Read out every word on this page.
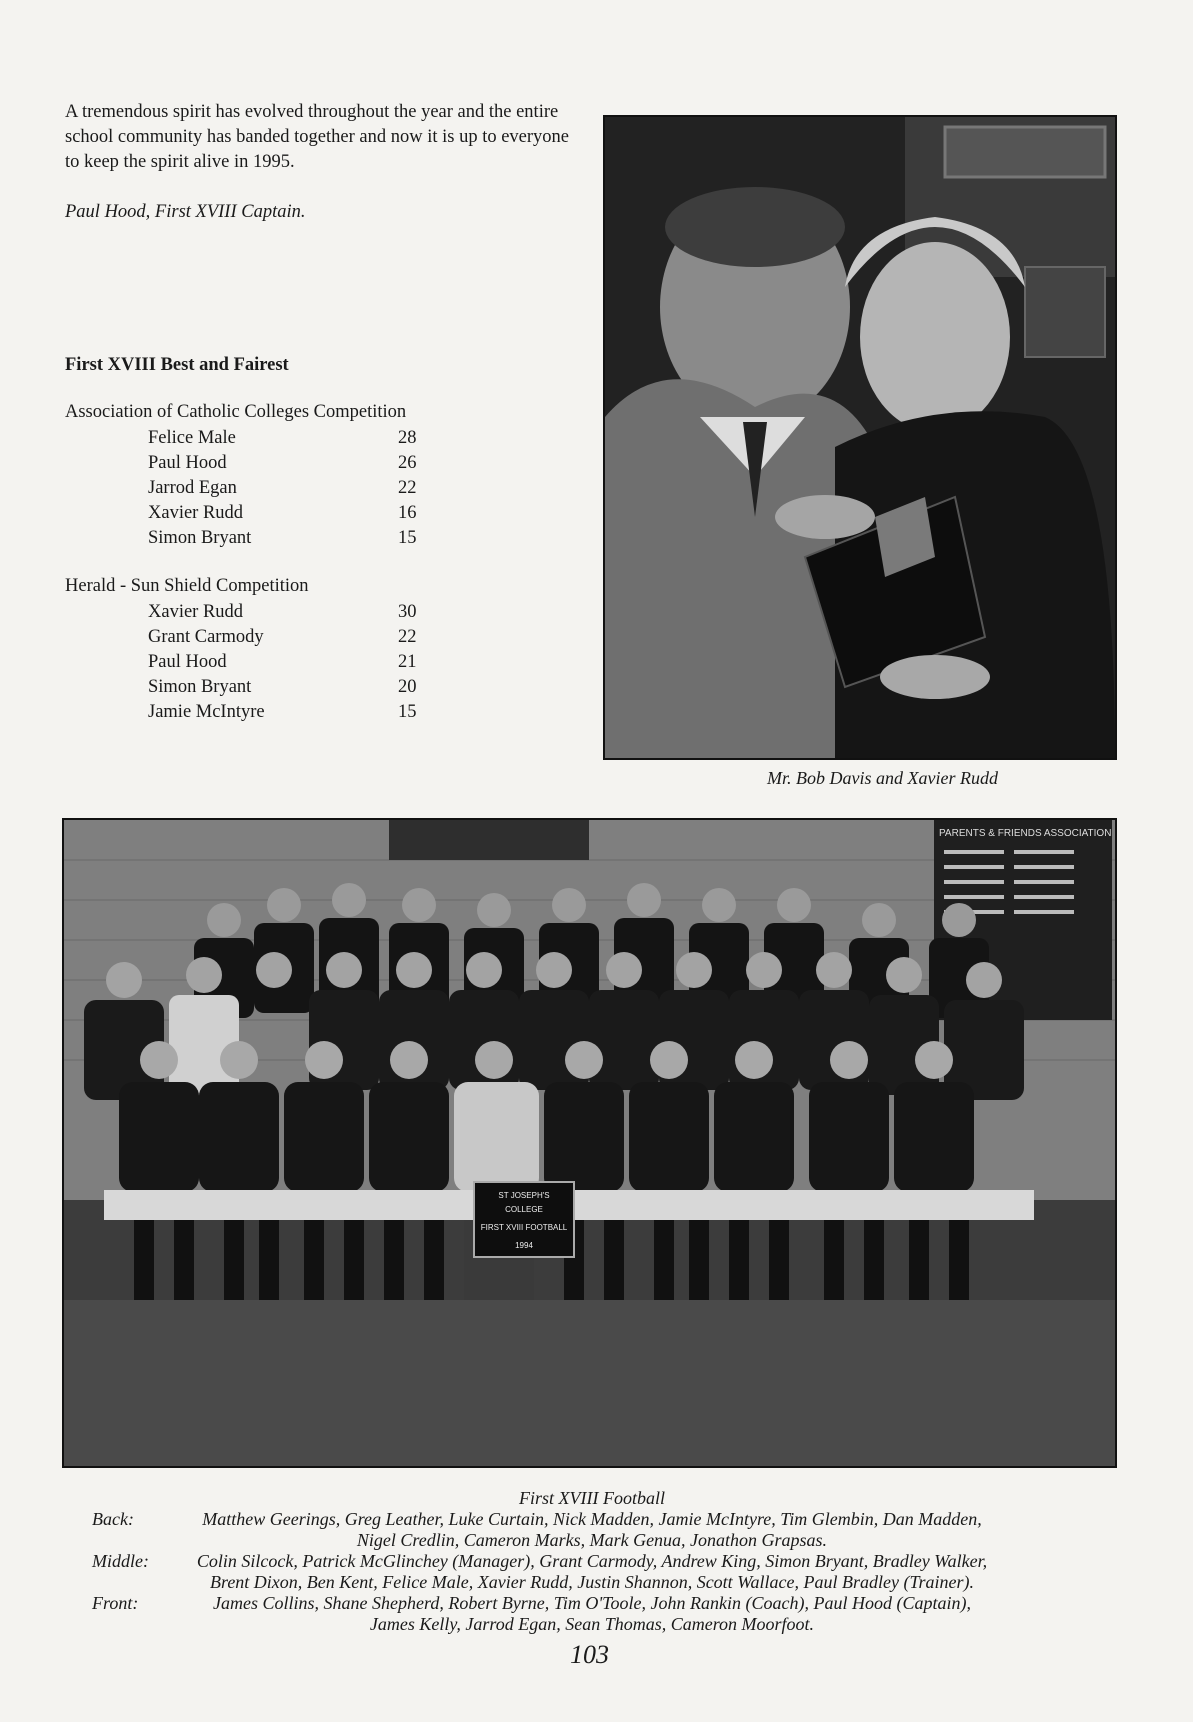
A tremendous spirit has evolved throughout the year and the entire school community has banded together and now it is up to everyone to keep the spirit alive in 1995.
Paul Hood, First XVIII Captain.
First XVIII Best and Fairest
Association of Catholic Colleges Competition
Felice Male	28
Paul Hood	26
Jarrod Egan	22
Xavier Rudd	16
Simon Bryant	15
Herald - Sun Shield Competition
Xavier Rudd	30
Grant Carmody	22
Paul Hood	21
Simon Bryant	20
Jamie McIntyre	15
Mr. Bob Davis and Xavier Rudd
PARENTS & FRIENDS ASSOCIATION
ST JOSEPH'S
COLLEGE
FIRST XVIII FOOTBALL
1994
First XVIII Football
Back:	Matthew Geerings, Greg Leather, Luke Curtain, Nick Madden, Jamie McIntyre, Tim Glembin, Dan Madden,
Nigel Credlin, Cameron Marks, Mark Genua, Jonathon Grapsas.
Middle:	Colin Silcock, Patrick McGlinchey (Manager), Grant Carmody, Andrew King, Simon Bryant, Bradley Walker,
Brent Dixon, Ben Kent, Felice Male, Xavier Rudd, Justin Shannon, Scott Wallace, Paul Bradley (Trainer).
Front:	James Collins, Shane Shepherd, Robert Byrne, Tim O'Toole, John Rankin (Coach), Paul Hood (Captain),
James Kelly, Jarrod Egan, Sean Thomas, Cameron Moorfoot.
103
